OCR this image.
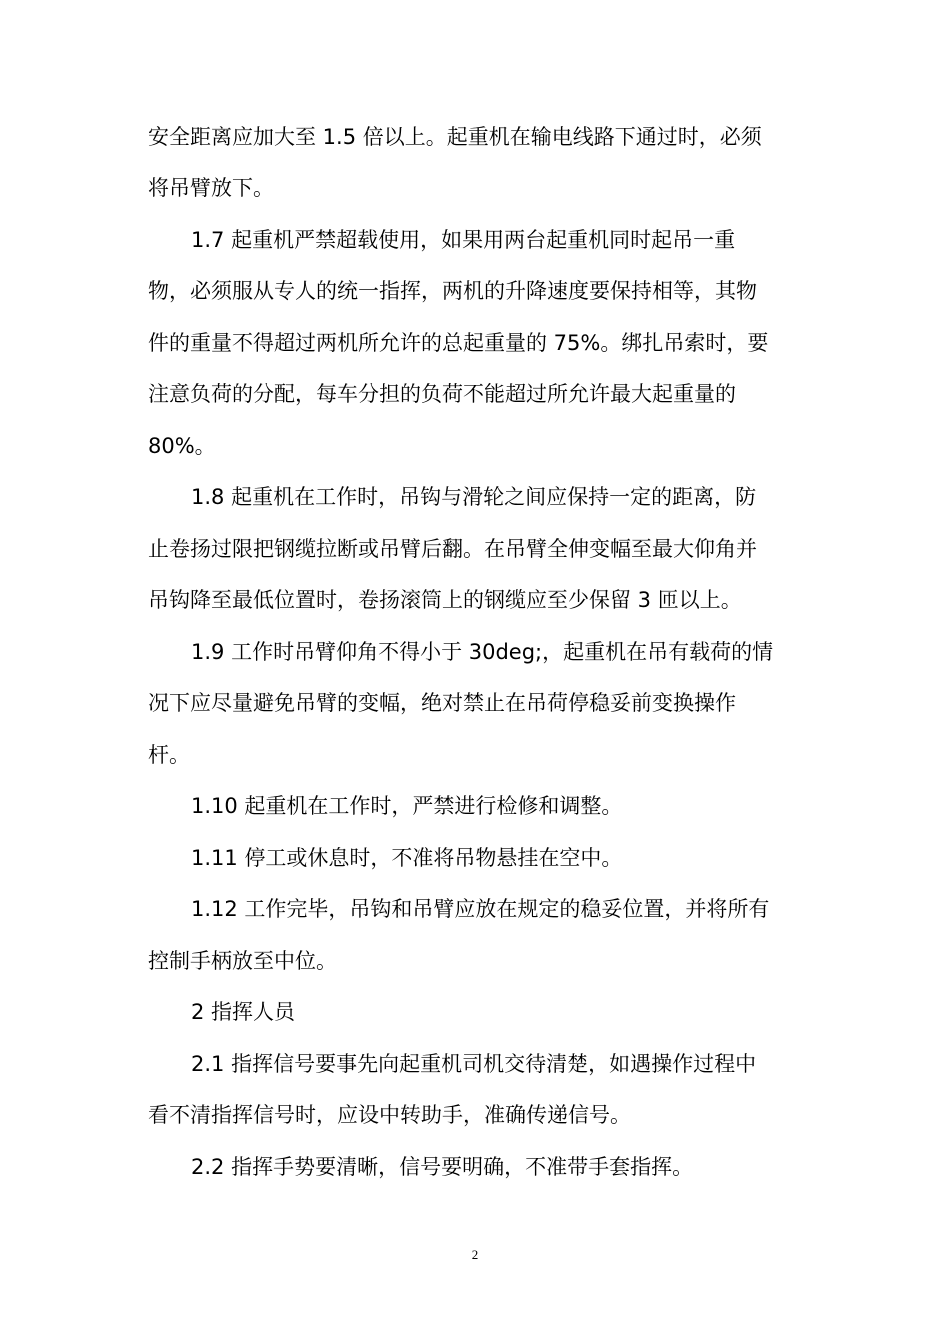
安全距离应加大至 1.5 倍以上。起重机在输电线路下通过时，必须
将吊臂放下。
1.7 起重机严禁超载使用，如果用两台起重机同时起吊一重
物，必须服从专人的统一指挥，两机的升降速度要保持相等，其物
件的重量不得超过两机所允许的总起重量的 75%。绑扎吊索时，要
注意负荷的分配，每车分担的负荷不能超过所允许最大起重量的
80%。
1.8 起重机在工作时，吊钩与滑轮之间应保持一定的距离，防
止卷扬过限把钢缆拉断或吊臂后翻。在吊臂全伸变幅至最大仰角并
吊钩降至最低位置时，卷扬滚筒上的钢缆应至少保留 3 匝以上。
1.9 工作时吊臂仰角不得小于 30deg;，起重机在吊有载荷的情
况下应尽量避免吊臂的变幅，绝对禁止在吊荷停稳妥前变换操作
杆。
1.10 起重机在工作时，严禁进行检修和调整。
1.11 停工或休息时，不准将吊物悬挂在空中。
1.12 工作完毕，吊钩和吊臂应放在规定的稳妥位置，并将所有
控制手柄放至中位。
2 指挥人员
2.1 指挥信号要事先向起重机司机交待清楚，如遇操作过程中
看不清指挥信号时，应设中转助手，准确传递信号。
2.2 指挥手势要清晰，信号要明确，不准带手套指挥。
2
